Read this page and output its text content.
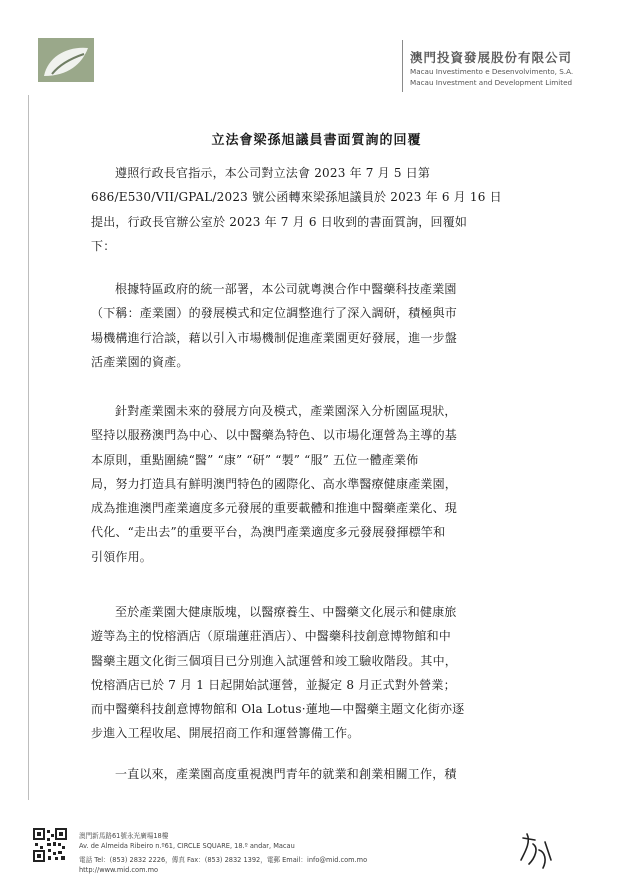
澳門投資發展股份有限公司
Macau Investimento e Desenvolvimento, S.A.
Macau Investment and Development Limited
立法會梁孫旭議員書面質詢的回覆
遵照行政長官指示，本公司對立法會 2023 年 7 月 5 日第
686/E530/VII/GPAL/2023 號公函轉來梁孫旭議員於 2023 年 6 月 16 日
提出，行政長官辦公室於 2023 年 7 月 6 日收到的書面質詢，回覆如
下：
根據特區政府的統一部署，本公司就粵澳合作中醫藥科技產業園
（下稱：產業園）的發展模式和定位調整進行了深入調研，積極與市
場機構進行洽談，藉以引入市場機制促進產業園更好發展，進一步盤
活產業園的資產。
針對產業園未來的發展方向及模式，產業園深入分析園區現狀，
堅持以服務澳門為中心、以中醫藥為特色、以市場化運營為主導的基
本原則，重點圍繞“醫” “康” “研” “製” “服” 五位一體產業佈
局，努力打造具有鮮明澳門特色的國際化、高水準醫療健康產業園，
成為推進澳門產業適度多元發展的重要載體和推進中醫藥產業化、現
代化、“走出去”的重要平台，為澳門產業適度多元發展發揮標竿和
引領作用。
至於產業園大健康版塊，以醫療養生、中醫藥文化展示和健康旅
遊等為主的悅榕酒店（原瑞蓮莊酒店）、中醫藥科技創意博物館和中
醫藥主題文化街三個項目已分別進入試運營和竣工驗收階段。其中，
悅榕酒店已於 7 月 1 日起開始試運營，並擬定 8 月正式對外營業；
而中醫藥科技創意博物館和 Ola Lotus·蓮地—中醫藥主題文化街亦逐
步進入工程收尾、開展招商工作和運營籌備工作。
一直以來，產業園高度重視澳門青年的就業和創業相關工作，積
澳門新馬路61號永光廣場18樓
Av. de Almeida Ribeiro n.º61, CIRCLE SQUARE, 18.º andar, Macau
電話 Tel：(853) 2832 2226，傳真 Fax：(853) 2832 1392，電郵 Email：info@mid.com.mo
http://www.mid.com.mo
